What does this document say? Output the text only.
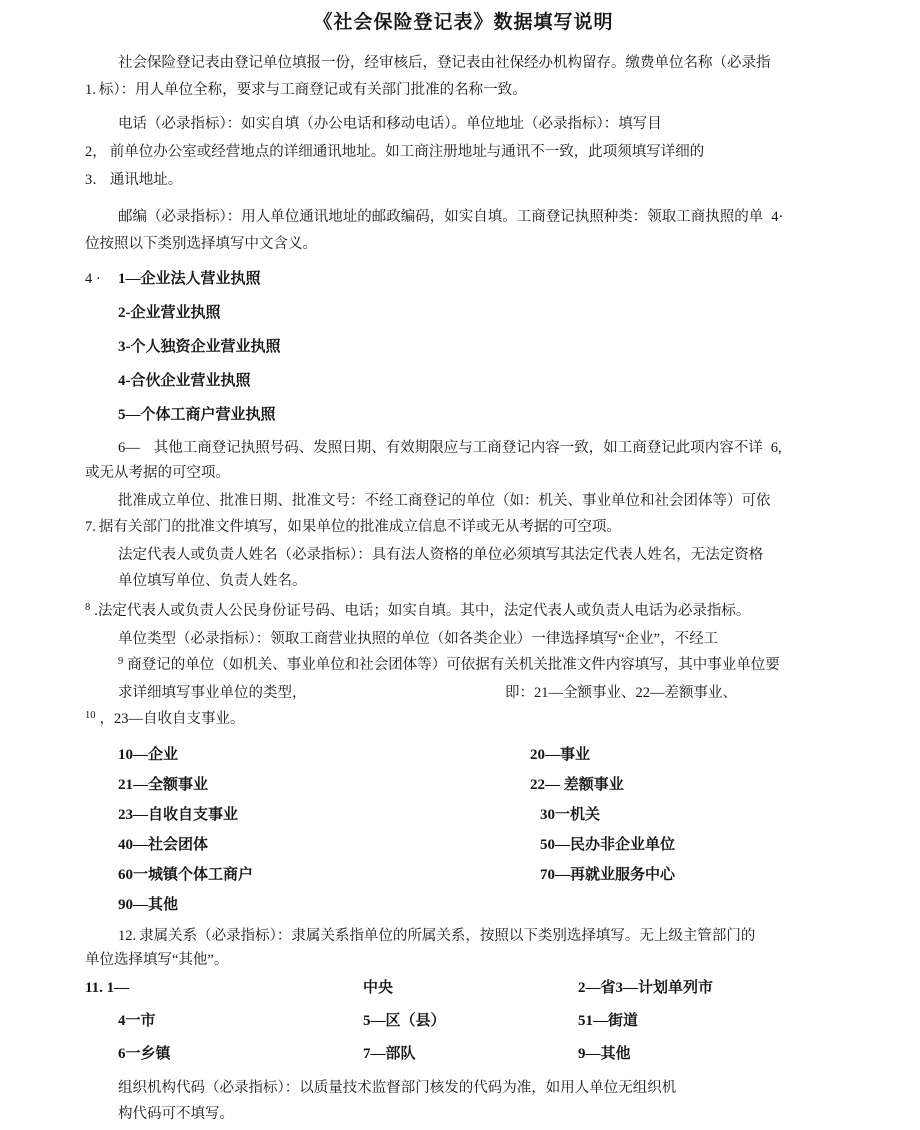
《社会保险登记表》数据填写说明
社会保险登记表由登记单位填报一份，经审核后，登记表由社保经办机构留存。缴费单位名称（必录指
1. 标）：用人单位全称，要求与工商登记或有关部门批准的名称一致。
电话（必录指标）：如实自填（办公电话和移动电话）。单位地址（必录指标）：填写目
2， 前单位办公室或经营地点的详细通讯地址。如工商注册地址与通讯不一致，此项须填写详细的
3． 通讯地址。
邮编（必录指标）：用人单位通讯地址的邮政编码，如实自填。工商登记执照种类：领取工商执照的单 4·
位按照以下类别选择填写中文含义。
4 · 1—企业法人营业执照
2-企业营业执照
3-个人独资企业营业执照
4-合伙企业营业执照
5—个体工商户营业执照
6— 其他工商登记执照号码、发照日期、有效期限应与工商登记内容一致，如工商登记此项内容不详 6,
或无从考据的可空项。
批准成立单位、批准日期、批准文号：不经工商登记的单位（如：机关、事业单位和社会团体等）可依
7. 据有关部门的批准文件填写，如果单位的批准成立信息不详或无从考据的可空项。
法定代表人或负责人姓名（必录指标）：具有法人资格的单位必须填写其法定代表人姓名，无法定资格
单位填写单位、负责人姓名。
$^8$ .法定代表人或负责人公民身份证号码、电话；如实自填。其中，法定代表人或负责人电话为必录指标。
单位类型（必录指标）：领取工商营业执照的单位（如各类企业）一律选择填写“企业”，不经工
$^9$ 商登记的单位（如机关、事业单位和社会团体等）可依据有关机关批准文件内容填写，其中事业单位要
求详细填写事业单位的类型，	即：21—全额事业、22—差额事业、
$^{10}$ ，23—自收自支事业。
10—企业	20—事业
21—全额事业	22— 差额事业
23—自收自支事业	30一机关
40—社会团体	50—民办非企业单位
60一城镇个体工商户	70—再就业服务中心
90—其他
12. 隶属关系（必录指标）：隶属关系指单位的所属关系，按照以下类别选择填写。无上级主管部门的
单位选择填写“其他”。
11. 1—	中央	2—省3—计划单列市
4一市	5—区（县）	51—街道
6一乡镇	7—部队	9—其他
组织机构代码（必录指标）：以质量技术监督部门核发的代码为准，如用人单位无组织机
构代码可不填写。
